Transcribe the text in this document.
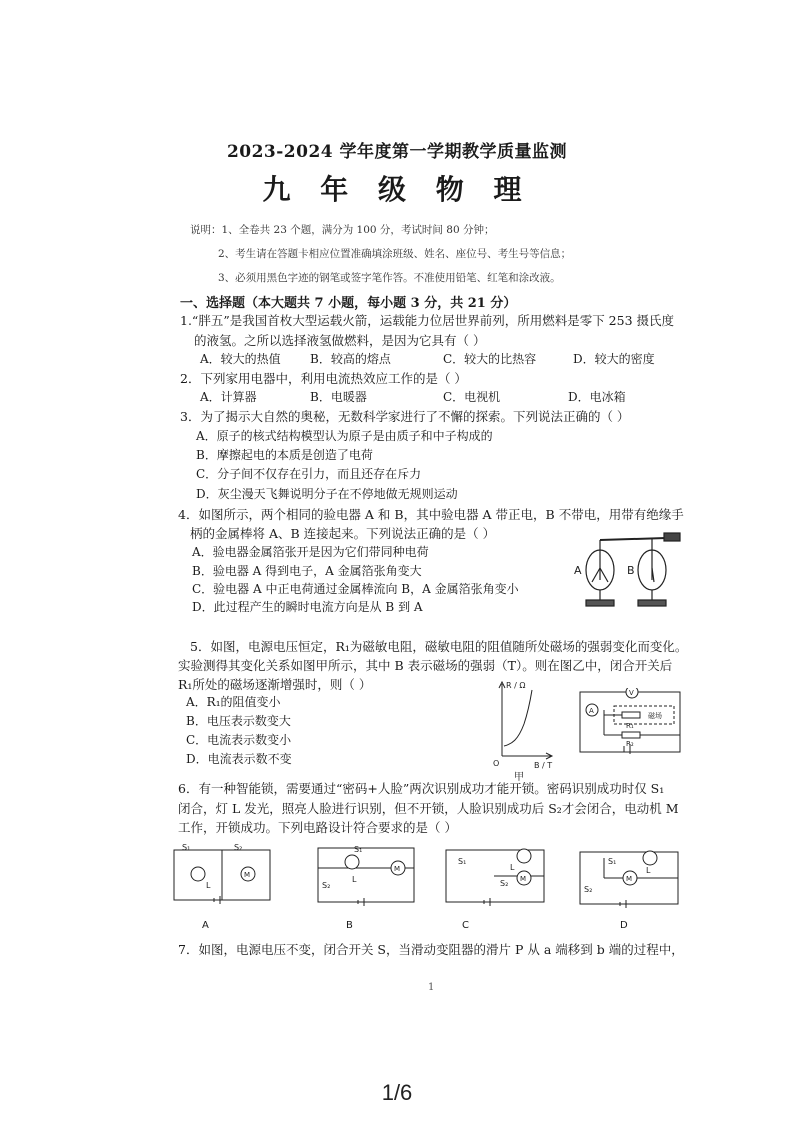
2023-2024 学年度第一学期教学质量监测
九 年 级 物 理
说明：1、全卷共 23 个题，满分为 100 分，考试时间 80 分钟；
2、考生请在答题卡相应位置准确填涂班级、姓名、座位号、考生号等信息；
3、必须用黑色字迹的钢笔或签字笔作答。不准使用铅笔、红笔和涂改液。
一、选择题（本大题共 7 小题，每小题 3 分，共 21 分）
1.“胖五”是我国首枚大型运载火箭，运载能力位居世界前列，所用燃料是零下 253 摄氏度
的液氢。之所以选择液氢做燃料，是因为它具有（ ）
A．较大的热值 B．较高的熔点	C．较大的比热容	D．较大的密度
2．下列家用电器中，利用电流热效应工作的是（ ）
A．计算器	B．电暖器	C．电视机	D．电冰箱
3．为了揭示大自然的奥秘，无数科学家进行了不懈的探索。下列说法正确的（ ）
A．原子的核式结构模型认为原子是由质子和中子构成的
B．摩擦起电的本质是创造了电荷
C．分子间不仅存在引力，而且还存在斥力
D．灰尘漫天飞舞说明分子在不停地做无规则运动
4．如图所示，两个相同的验电器 A 和 B，其中验电器 A 带正电，B 不带电，用带有绝缘手
柄的金属棒将 A、B 连接起来。下列说法正确的是（ ）
A．验电器金属箔张开是因为它们带同种电荷
B．验电器 A 得到电子，A 金属箔张角变大
C．验电器 A 中正电荷通过金属棒流向 B，A 金属箔张角变小
D．此过程产生的瞬时电流方向是从 B 到 A
A	B
5．如图，电源电压恒定，R₁为磁敏电阻，磁敏电阻的阻值随所处磁场的强弱变化而变化。
实验测得其变化关系如图甲所示，其中 B 表示磁场的强弱（T）。则在图乙中，闭合开关后
R₁所处的磁场逐渐增强时，则（ ）
A．R₁的阻值变小
B．电压表示数变大
C．电流表示数变小
D．电流表示数不变
R / Ω
B / T
O
甲
V
A
磁场
R₁
R₂
6．有一种智能锁，需要通过“密码+人脸”两次识别成功才能开锁。密码识别成功时仅 S₁
闭合，灯 L 发光，照亮人脸进行识别，但不开锁，人脸识别成功后 S₂才会闭合，电动机 M
工作，开锁成功。下列电路设计符合要求的是（ ）
S₁	S₂
L
M
A
S₁
S₂
L
M
B
S₁
S₂
L
M
C
S₁
S₂
L
M
D
7．如图，电源电压不变，闭合开关 S，当滑动变阻器的滑片 P 从 a 端移到 b 端的过程中，
1
1/6
